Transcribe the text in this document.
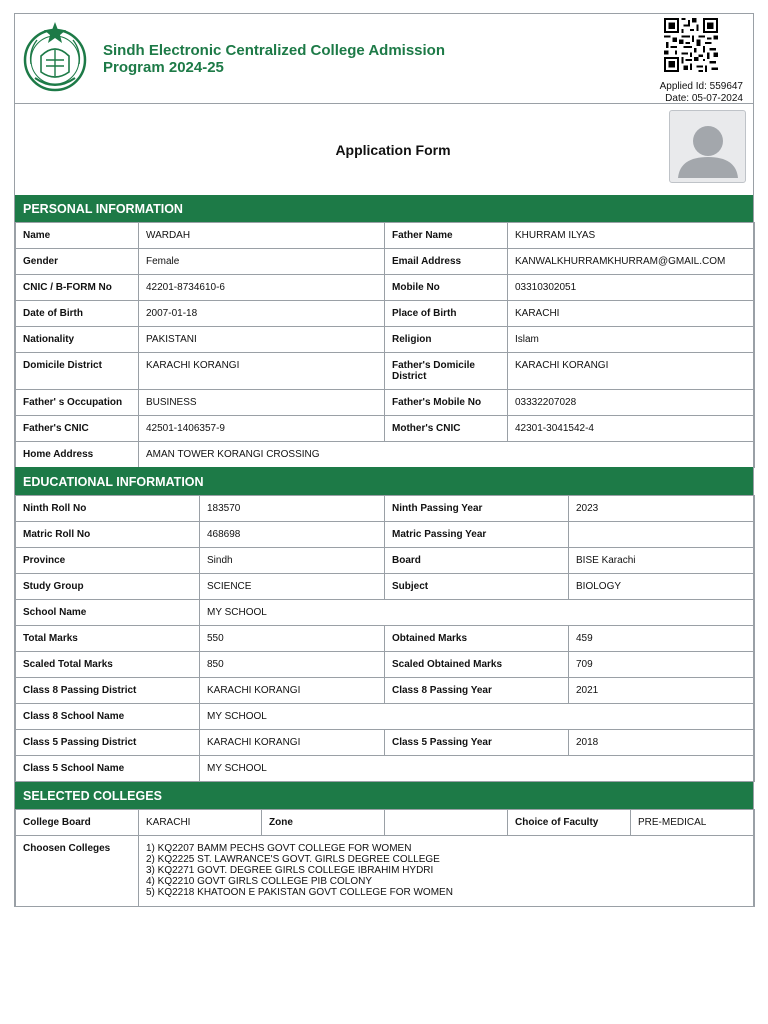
Sindh Electronic Centralized College Admission Program 2024-25
Applied Id: 559647
Date: 05-07-2024
Application Form
PERSONAL INFORMATION
Name	WARDAH	Father Name	KHURRAM ILYAS
Gender	Female	Email Address	KANWALKHURRAMKHURRAM@GMAIL.COM
CNIC / B-FORM No	42201-8734610-6	Mobile No	03310302051
Date of Birth	2007-01-18	Place of Birth	KARACHI
Nationality	PAKISTANI	Religion	Islam
Domicile District	KARACHI KORANGI	Father's Domicile District	KARACHI KORANGI
Father' s Occupation	BUSINESS	Father's Mobile No	03332207028
Father's CNIC	42501-1406357-9	Mother's CNIC	42301-3041542-4
Home Address	AMAN TOWER KORANGI CROSSING		
EDUCATIONAL INFORMATION
Ninth Roll No	183570	Ninth Passing Year	2023
Matric Roll No	468698	Matric Passing Year	
Province	Sindh	Board	BISE Karachi
Study Group	SCIENCE	Subject	BIOLOGY
School Name	MY SCHOOL		
Total Marks	550	Obtained Marks	459
Scaled Total Marks	850	Scaled Obtained Marks	709
Class 8 Passing District	KARACHI KORANGI	Class 8 Passing Year	2021
Class 8 School Name	MY SCHOOL		
Class 5 Passing District	KARACHI KORANGI	Class 5 Passing Year	2018
Class 5 School Name	MY SCHOOL		
SELECTED COLLEGES
College Board	KARACHI	Zone		Choice of Faculty	PRE-MEDICAL
Choosen Colleges	1) KQ2207 BAMM PECHS GOVT COLLEGE FOR WOMEN
2) KQ2225 ST. LAWRANCE'S GOVT. GIRLS DEGREE COLLEGE
3) KQ2271 GOVT. DEGREE GIRLS COLLEGE IBRAHIM HYDRI
4) KQ2210 GOVT GIRLS COLLEGE PIB COLONY
5) KQ2218 KHATOON E PAKISTAN GOVT COLLEGE FOR WOMEN				
